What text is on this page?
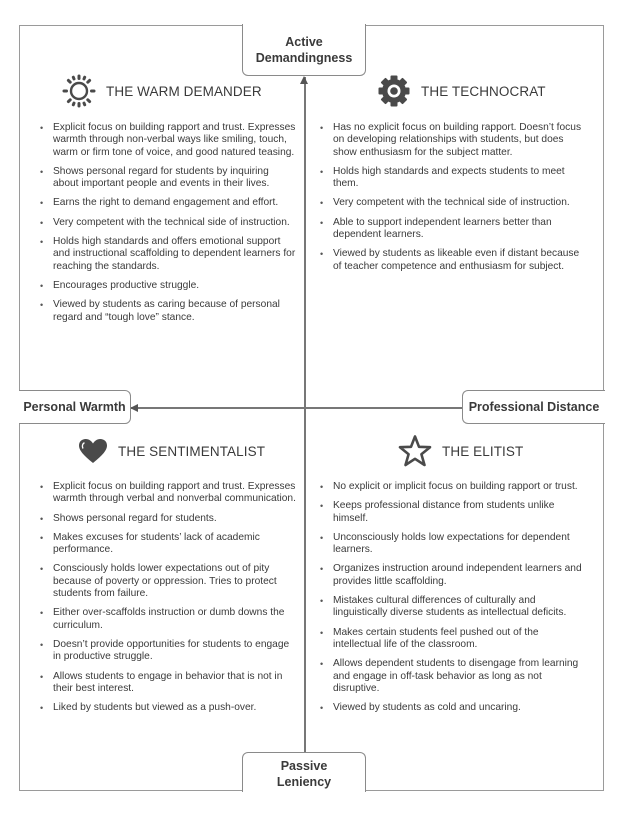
Active
Demandingness
Passive
Leniency
Personal Warmth	Professional Distance
THE WARM DEMANDER
• Explicit focus on building rapport and trust. Expresses warmth through non-verbal ways like smiling, touch, warm or firm tone of voice, and good natured teasing.
• Shows personal regard for students by inquiring about important people and events in their lives.
• Earns the right to demand engagement and effort.
• Very competent with the technical side of instruction.
• Holds high standards and offers emotional support and instructional scaffolding to dependent learners for reaching the standards.
• Encourages productive struggle.
• Viewed by students as caring because of personal regard and “tough love” stance.
THE TECHNOCRAT
• Has no explicit focus on building rapport. Doesn’t focus on developing relationships with students, but does show enthusiasm for the subject matter.
• Holds high standards and expects students to meet them.
• Very competent with the technical side of instruction.
• Able to support independent learners better than dependent learners.
• Viewed by students as likeable even if distant because of teacher competence and enthusiasm for subject.
THE SENTIMENTALIST
• Explicit focus on building rapport and trust. Expresses warmth through verbal and nonverbal communication.
• Shows personal regard for students.
• Makes excuses for students’ lack of academic performance.
• Consciously holds lower expectations out of pity because of poverty or oppression. Tries to protect students from failure.
• Either over-scaffolds instruction or dumb downs the curriculum.
• Doesn’t provide opportunities for students to engage in productive struggle.
• Allows students to engage in behavior that is not in their best interest.
• Liked by students but viewed as a push-over.
THE ELITIST
• No explicit or implicit focus on building rapport or trust.
• Keeps professional distance from students unlike himself.
• Unconsciously holds low expectations for dependent learners.
• Organizes instruction around independent learners and provides little scaffolding.
• Mistakes cultural differences of culturally and linguistically diverse students as intellectual deficits.
• Makes certain students feel pushed out of the intellectual life of the classroom.
• Allows dependent students to disengage from learning and engage in off-task behavior as long as not disruptive.
• Viewed by students as cold and uncaring.
